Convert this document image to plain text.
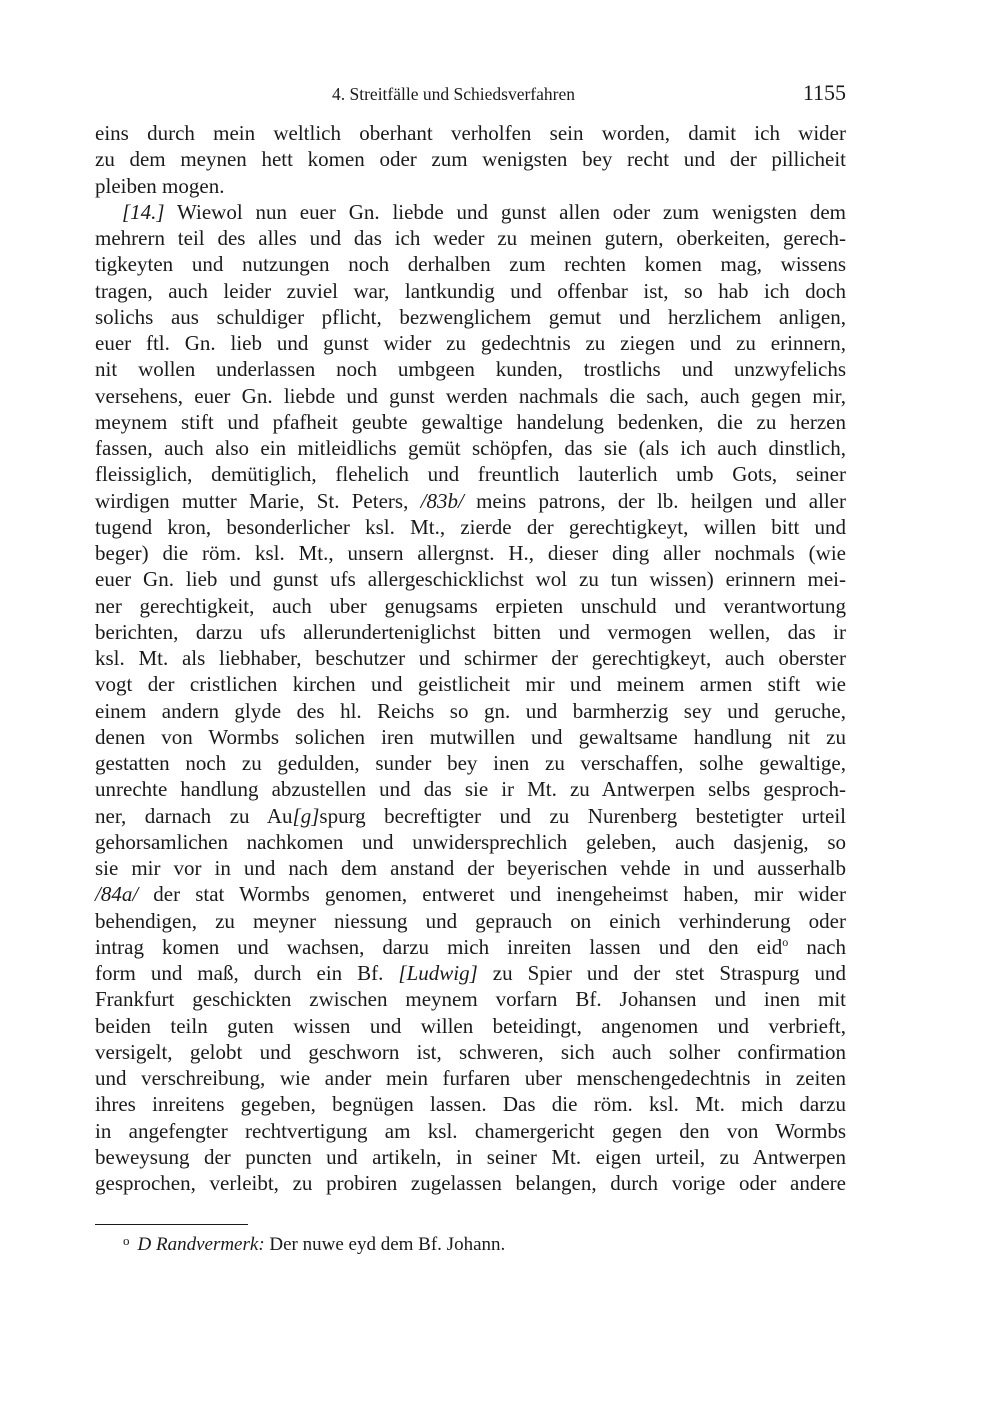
4. Streitfälle und Schiedsverfahren	1155
eins durch mein weltlich oberhant verholfen sein worden, damit ich wider
zu dem meynen hett komen oder zum wenigsten bey recht und der pillicheit
pleiben mogen.
[14.] Wiewol nun euer Gn. liebde und gunst allen oder zum wenigsten dem
mehrern teil des alles und das ich weder zu meinen gutern, oberkeiten, gerech-
tigkeyten und nutzungen noch derhalben zum rechten komen mag, wissens
tragen, auch leider zuviel war, lantkundig und offenbar ist, so hab ich doch
solichs aus schuldiger pflicht, bezwenglichem gemut und herzlichem anligen,
euer ftl. Gn. lieb und gunst wider zu gedechtnis zu ziegen und zu erinnern,
nit wollen underlassen noch umbgeen kunden, trostlichs und unzwyfelichs
versehens, euer Gn. liebde und gunst werden nachmals die sach, auch gegen mir,
meynem stift und pfafheit geubte gewaltige handelung bedenken, die zu herzen
fassen, auch also ein mitleidlichs gemüt schöpfen, das sie (als ich auch dinstlich,
fleissiglich, demütiglich, flehelich und freuntlich lauterlich umb Gots, seiner
wirdigen mutter Marie, St. Peters, /83b/ meins patrons, der lb. heilgen und aller
tugend kron, besonderlicher ksl. Mt., zierde der gerechtigkeyt, willen bitt und
beger) die röm. ksl. Mt., unsern allergnst. H., dieser ding aller nochmals (wie
euer Gn. lieb und gunst ufs allergeschicklichst wol zu tun wissen) erinnern mei-
ner gerechtigkeit, auch uber genugsams erpieten unschuld und verantwortung
berichten, darzu ufs allerunderteniglichst bitten und vermogen wellen, das ir
ksl. Mt. als liebhaber, beschutzer und schirmer der gerechtigkeyt, auch oberster
vogt der cristlichen kirchen und geistlicheit mir und meinem armen stift wie
einem andern glyde des hl. Reichs so gn. und barmherzig sey und geruche,
denen von Wormbs solichen iren mutwillen und gewaltsame handlung nit zu
gestatten noch zu gedulden, sunder bey inen zu verschaffen, solhe gewaltige,
unrechte handlung abzustellen und das sie ir Mt. zu Antwerpen selbs gesproch-
ner, darnach zu Au[g]spurg becreftigter und zu Nurenberg bestetigter urteil
gehorsamlichen nachkomen und unwidersprechlich geleben, auch dasjenig, so
sie mir vor in und nach dem anstand der beyerischen vehde in und ausserhalb
/84a/ der stat Wormbs genomen, entweret und inengeheimst haben, mir wider
behendigen, zu meyner niessung und geprauch on einich verhinderung oder
intrag komen und wachsen, darzu mich inreiten lassen und den eid$^o$ nach
form und maß, durch ein Bf. [Ludwig] zu Spier und der stet Straspurg und
Frankfurt geschickten zwischen meynem vorfarn Bf. Johansen und inen mit
beiden teiln guten wissen und willen beteidingt, angenomen und verbrieft,
versigelt, gelobt und geschworn ist, schweren, sich auch solher confirmation
und verschreibung, wie ander mein furfaren uber menschengedechtnis in zeiten
ihres inreitens gegeben, begnügen lassen. Das die röm. ksl. Mt. mich darzu
in angefengter rechtvertigung am ksl. chamergericht gegen den von Wormbs
beweysung der puncten und artikeln, in seiner Mt. eigen urteil, zu Antwerpen
gesprochen, verleibt, zu probiren zugelassen belangen, durch vorige oder andere
$^o$ D Randvermerk: Der nuwe eyd dem Bf. Johann.
